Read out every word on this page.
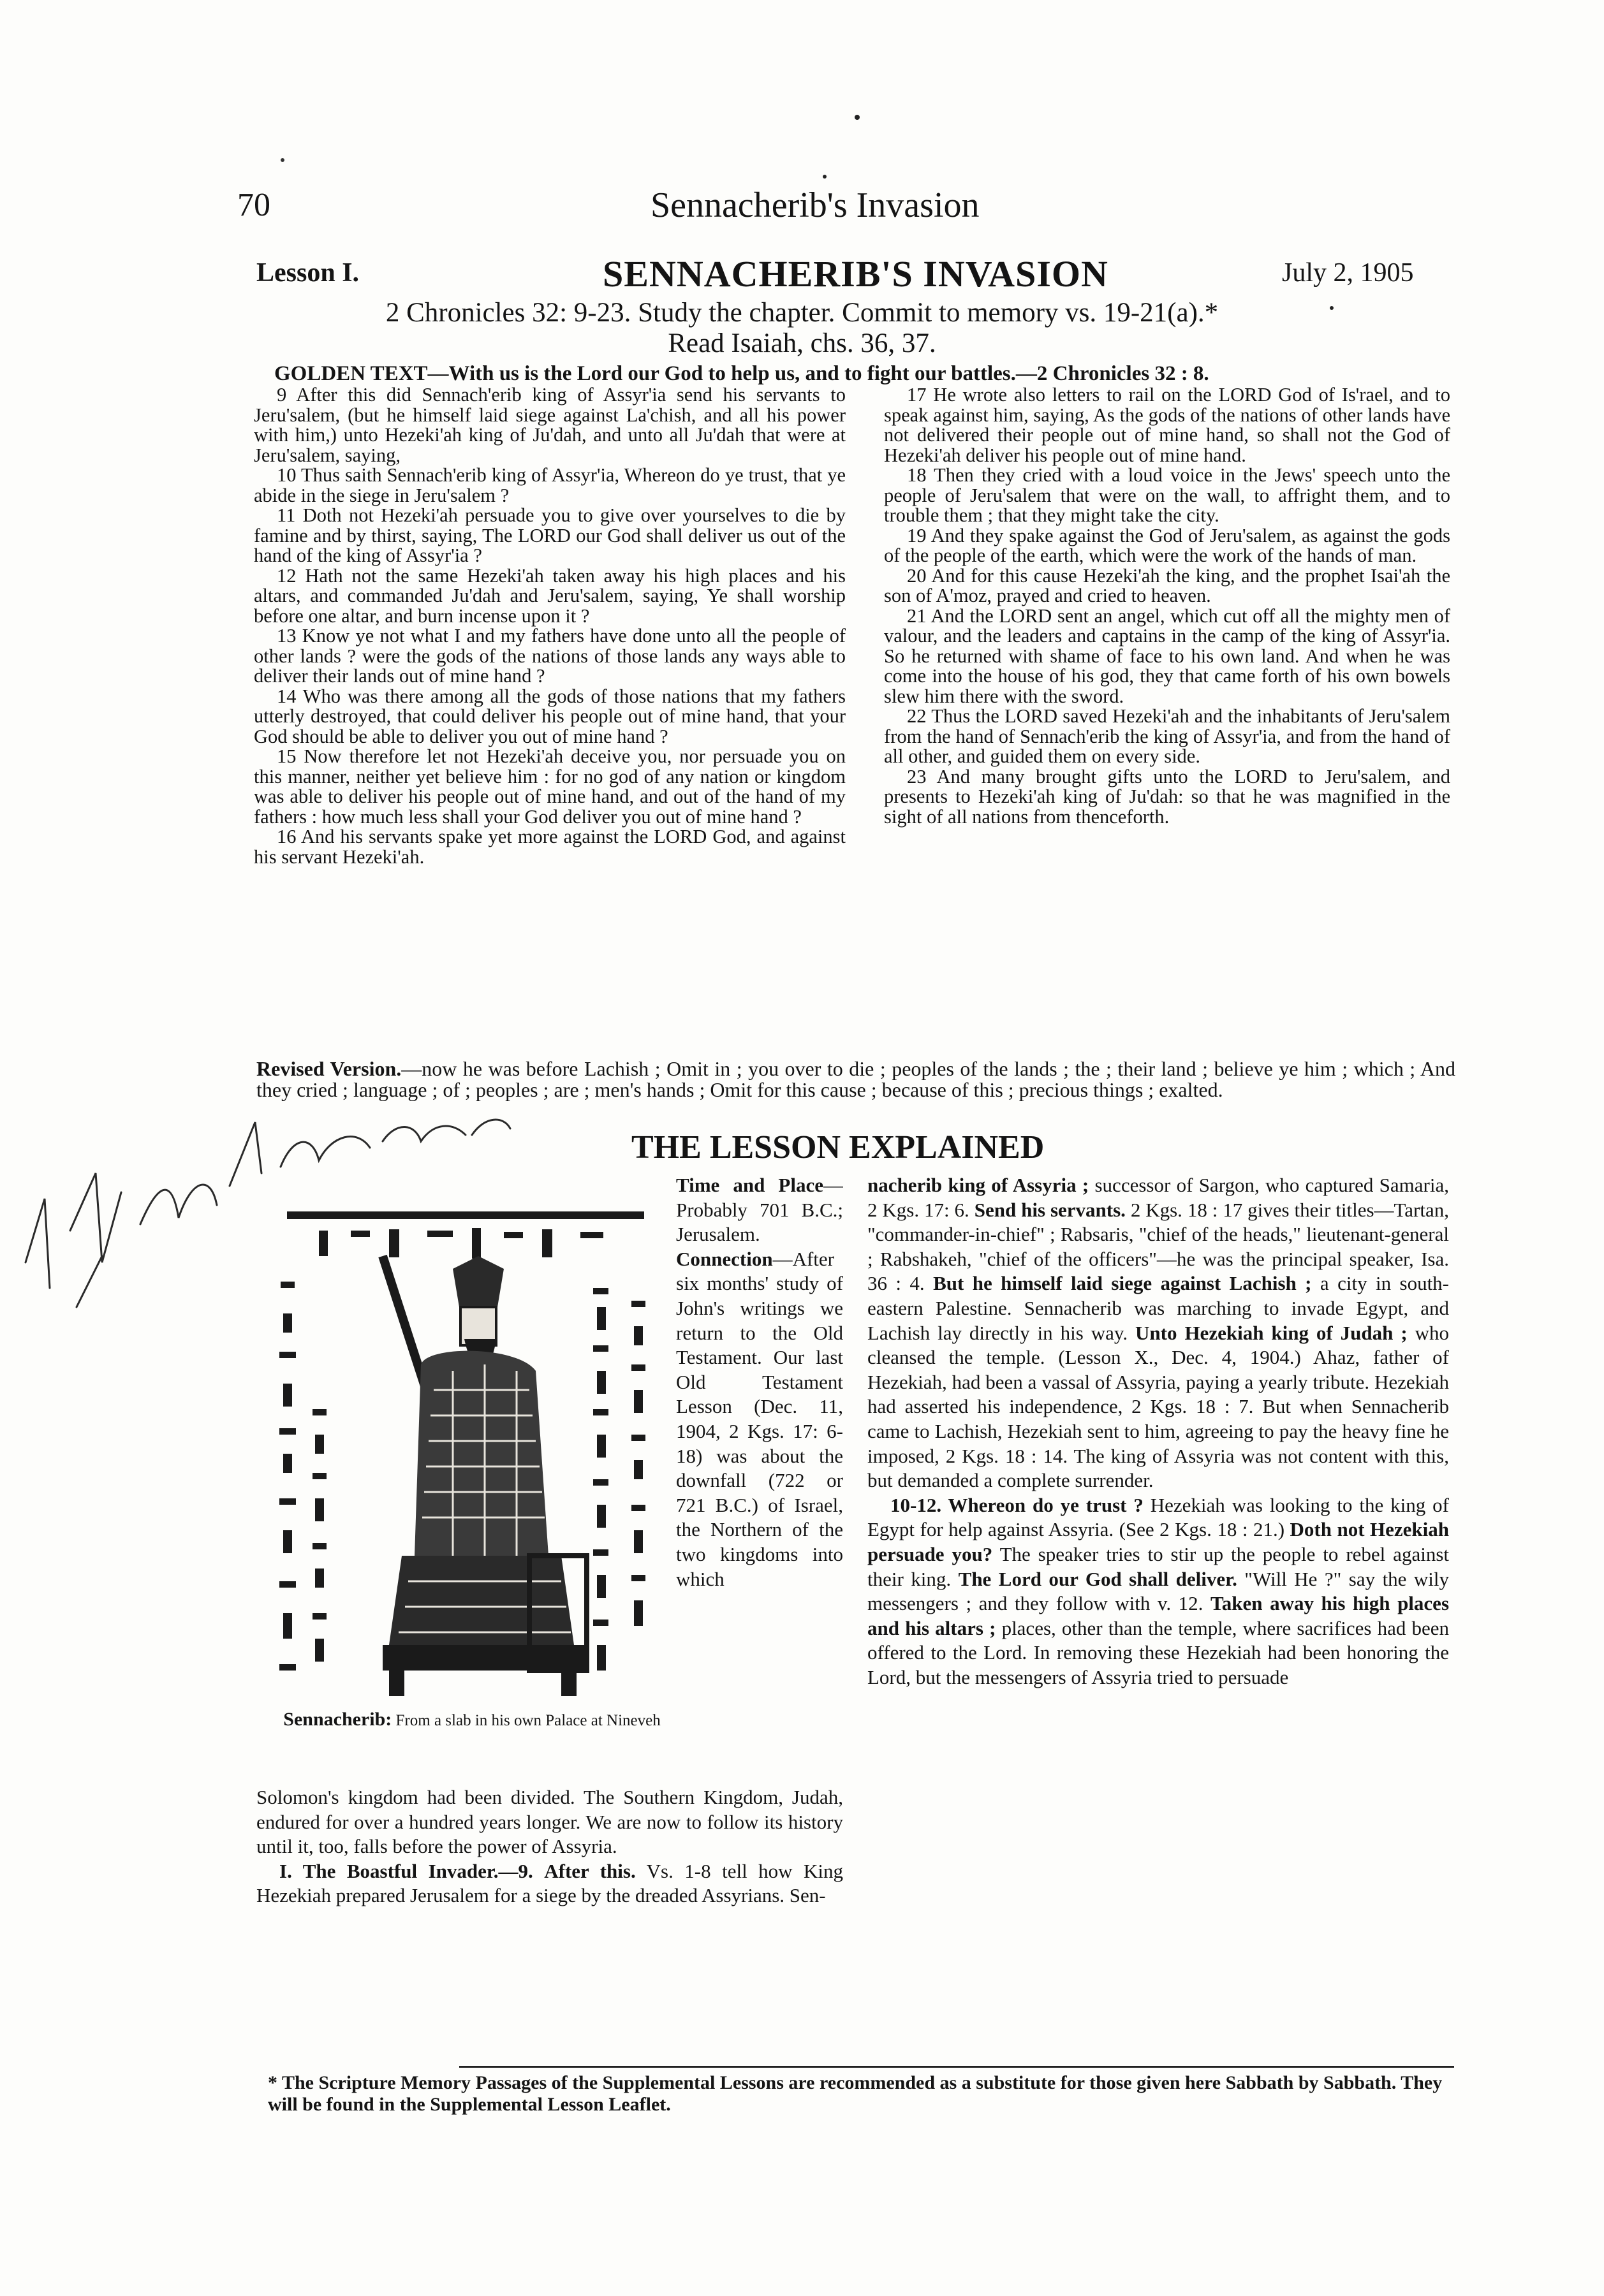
70	Sennacherib's Invasion
Lesson I.	SENNACHERIB'S INVASION	July 2, 1905
2 Chronicles 32: 9-23. Study the chapter. Commit to memory vs. 19-21(a).*
Read Isaiah, chs. 36, 37.
GOLDEN TEXT—With us is the Lord our God to help us, and to fight our battles.—2 Chronicles 32 : 8.

9 After this did Sennach'erib king of Assyr'ia send his servants to Jeru'salem, (but he himself laid siege against La'chish, and all his power with him,) unto Hezeki'ah king of Ju'dah, and unto all Ju'dah that were at Jeru'salem, saying,

10 Thus saith Sennach'erib king of Assyr'ia, Whereon do ye trust, that ye abide in the siege in Jeru'salem ?

11 Doth not Hezeki'ah persuade you to give over yourselves to die by famine and by thirst, saying, The LORD our God shall deliver us out of the hand of the king of Assyr'ia ?

12 Hath not the same Hezeki'ah taken away his high places and his altars, and commanded Ju'dah and Jeru'salem, saying, Ye shall worship before one altar, and burn incense upon it ?

13 Know ye not what I and my fathers have done unto all the people of other lands ? were the gods of the nations of those lands any ways able to deliver their lands out of mine hand ?

14 Who was there among all the gods of those nations that my fathers utterly destroyed, that could deliver his people out of mine hand, that your God should be able to deliver you out of mine hand ?

15 Now therefore let not Hezeki'ah deceive you, nor persuade you on this manner, neither yet believe him : for no god of any nation or kingdom was able to deliver his people out of mine hand, and out of the hand of my fathers : how much less shall your God deliver you out of mine hand ?

16 And his servants spake yet more against the LORD God, and against his servant Hezeki'ah.

17 He wrote also letters to rail on the LORD God of Is'rael, and to speak against him, saying, As the gods of the nations of other lands have not delivered their people out of mine hand, so shall not the God of Hezeki'ah deliver his people out of mine hand.

18 Then they cried with a loud voice in the Jews' speech unto the people of Jeru'salem that were on the wall, to affright them, and to trouble them ; that they might take the city.

19 And they spake against the God of Jeru'salem, as against the gods of the people of the earth, which were the work of the hands of man.

20 And for this cause Hezeki'ah the king, and the prophet Isai'ah the son of A'moz, prayed and cried to heaven.

21 And the LORD sent an angel, which cut off all the mighty men of valour, and the leaders and captains in the camp of the king of Assyr'ia. So he returned with shame of face to his own land. And when he was come into the house of his god, they that came forth of his own bowels slew him there with the sword.

22 Thus the LORD saved Hezeki'ah and the inhabitants of Jeru'salem from the hand of Sennach'erib the king of Assyr'ia, and from the hand of all other, and guided them on every side.

23 And many brought gifts unto the LORD to Jeru'salem, and presents to Hezeki'ah king of Ju'dah: so that he was magnified in the sight of all nations from thenceforth.

Revised Version.—now he was before Lachish ; Omit in ; you over to die ; peoples of the lands ; the ; their land ; believe ye him ; which ; And they cried ; language ; of ; peoples ; are ; men's hands ; Omit for this cause ; because of this ; precious things ; exalted.
THE LESSON EXPLAINED
Sennacherib: From a slab in his own Palace at Nineveh

Time and Place—Probably 701 B.C.; Jerusalem.

Connection—After six months' study of John's writings we return to the Old Testament. Our last Old Testament Lesson (Dec. 11, 1904, 2 Kgs. 17: 6-18) was about the downfall (722 or 721 B.C.) of Israel, the Northern of the two kingdoms into which

Solomon's kingdom had been divided. The Southern Kingdom, Judah, endured for over a hundred years longer. We are now to follow its history until it, too, falls before the power of Assyria.

I. The Boastful Invader.—9. After this. Vs. 1-8 tell how King Hezekiah prepared Jerusalem for a siege by the dreaded Assyrians. Sen-

nacherib king of Assyria ; successor of Sargon, who captured Samaria, 2 Kgs. 17: 6. Send his servants. 2 Kgs. 18 : 17 gives their titles—Tartan, "commander-in-chief" ; Rabsaris, "chief of the heads," lieutenant-general ; Rabshakeh, "chief of the officers"—he was the principal speaker, Isa. 36 : 4. But he himself laid siege against Lachish ; a city in south-eastern Palestine. Sennacherib was marching to invade Egypt, and Lachish lay directly in his way. Unto Hezekiah king of Judah ; who cleansed the temple. (Lesson X., Dec. 4, 1904.) Ahaz, father of Hezekiah, had been a vassal of Assyria, paying a yearly tribute. Hezekiah had asserted his independence, 2 Kgs. 18 : 7. But when Sennacherib came to Lachish, Hezekiah sent to him, agreeing to pay the heavy fine he imposed, 2 Kgs. 18 : 14. The king of Assyria was not content with this, but demanded a complete surrender.

10-12. Whereon do ye trust ? Hezekiah was looking to the king of Egypt for help against Assyria. (See 2 Kgs. 18 : 21.) Doth not Hezekiah persuade you? The speaker tries to stir up the people to rebel against their king. The Lord our God shall deliver. "Will He ?" say the wily messengers ; and they follow with v. 12. Taken away his high places and his altars ; places, other than the temple, where sacrifices had been offered to the Lord. In removing these Hezekiah had been honoring the Lord, but the messengers of Assyria tried to persuade

* The Scripture Memory Passages of the Supplemental Lessons are recommended as a substitute for those given here Sabbath by Sabbath. They will be found in the Supplemental Lesson Leaflet.
